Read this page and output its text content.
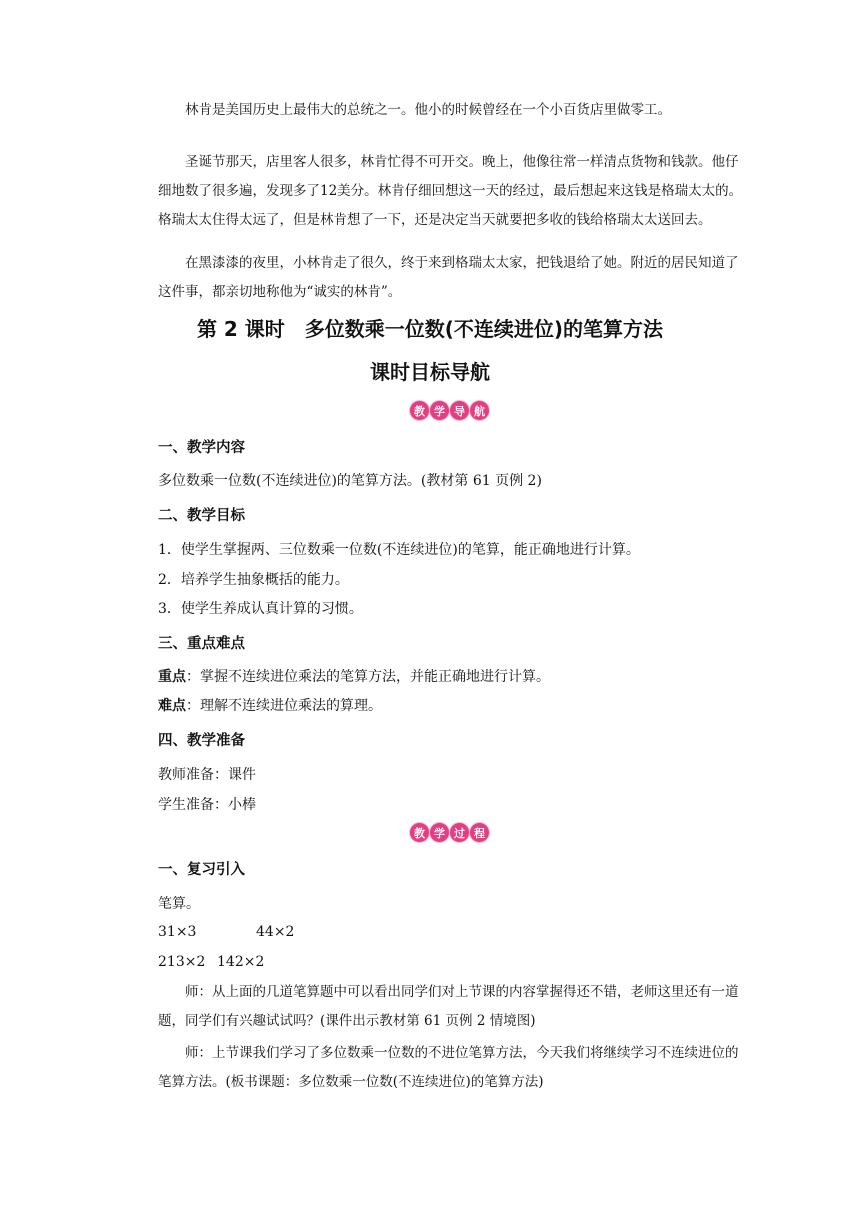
林肯是美国历史上最伟大的总统之一。他小的时候曾经在一个小百货店里做零工。
圣诞节那天，店里客人很多，林肯忙得不可开交。晚上，他像往常一样清点货物和钱款。他仔细地数了很多遍，发现多了12美分。林肯仔细回想这一天的经过，最后想起来这钱是格瑞太太的。格瑞太太住得太远了，但是林肯想了一下，还是决定当天就要把多收的钱给格瑞太太送回去。
在黑漆漆的夜里，小林肯走了很久，终于来到格瑞太太家，把钱退给了她。附近的居民知道了这件事，都亲切地称他为“诚实的林肯”。
第 2 课时　多位数乘一位数(不连续进位)的笔算方法
课时目标导航
教 学 导 航
一、教学内容
多位数乘一位数(不连续进位)的笔算方法。(教材第 61 页例 2)
二、教学目标
1．使学生掌握两、三位数乘一位数(不连续进位)的笔算，能正确地进行计算。
2．培养学生抽象概括的能力。
3．使学生养成认真计算的习惯。
三、重点难点
重点：掌握不连续进位乘法的笔算方法，并能正确地进行计算。
难点：理解不连续进位乘法的算理。
四、教学准备
教师准备：课件
学生准备：小棒
教 学 过 程
一、复习引入
笔算。
31×3	44×2
213×2 142×2
师：从上面的几道笔算题中可以看出同学们对上节课的内容掌握得还不错，老师这里还有一道题，同学们有兴趣试试吗？(课件出示教材第 61 页例 2 情境图)
师：上节课我们学习了多位数乘一位数的不进位笔算方法，今天我们将继续学习不连续进位的笔算方法。(板书课题：多位数乘一位数(不连续进位)的笔算方法)
